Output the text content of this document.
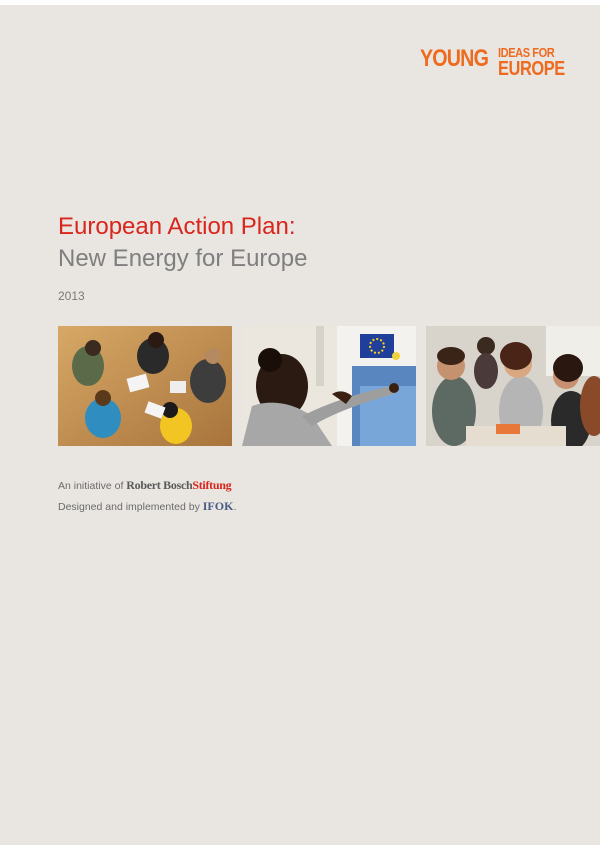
YOUNG IDEAS FOR
EUROPE
European Action Plan:
New Energy for Europe
2013
An initiative of Robert BoschStiftung
Designed and implemented by IFOK.
